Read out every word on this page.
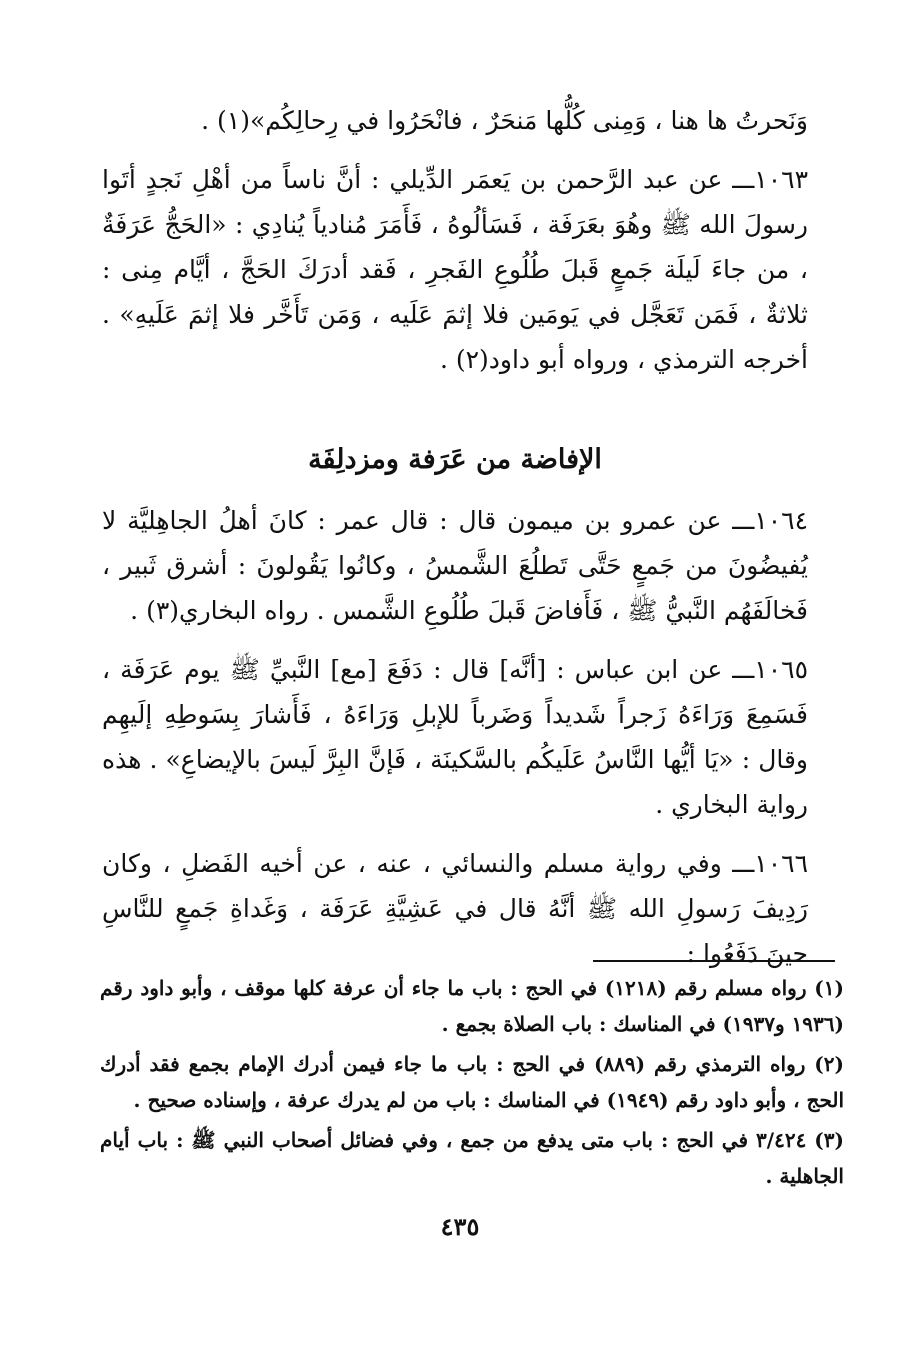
وَنَحرتُ ها هنا ، وَمِنى كُلُّها مَنحَرٌ ، فانْحَرُوا في رِحالِكُم»(١) .

١٠٦٣ـــ عن عبد الرَّحمن بن يَعمَر الدِّيلي : أنَّ ناساً من أهْلِ نَجدٍ أتَوا رسولَ الله ﷺ وهُوَ بعَرَفَة ، فَسَألُوهُ ، فَأَمَرَ مُنادياً يُنادِي : «الحَجُّ عَرَفَةٌ ، من جاءَ لَيلَة جَمعٍ قَبلَ طُلُوعِ الفَجرِ ، فَقد أدرَكَ الحَجَّ ، أيَّام مِنى : ثلاثةٌ ، فَمَن تَعَجَّل في يَومَين فلا إثمَ عَلَيه ، وَمَن تَأَخَّر فلا إثمَ عَلَيهِ» . أخرجه الترمذي ، ورواه أبو داود(٢) .

الإفاضة من عَرَفة ومزدلِفَة

١٠٦٤ـــ عن عمرو بن ميمون قال : قال عمر : كانَ أهلُ الجاهِليَّة لا يُفيضُونَ من جَمعٍ حَتَّى تَطلُعَ الشَّمسُ ، وكانُوا يَقُولونَ : أشرق ثَبير ، فَخالَفَهُم النَّبيُّ ﷺ ، فَأَفاضَ قَبلَ طُلُوعِ الشَّمس . رواه البخاري(٣) .

١٠٦٥ـــ عن ابن عباس : [أنَّه] قال : دَفَعَ [مع] النَّبيِّ ﷺ يوم عَرَفَة ، فَسَمِعَ وَرَاءَهُ زَجراً شَديداً وَضَرباً للإبلِ وَرَاءَهُ ، فَأَشارَ بِسَوطِهِ إلَيهِم وقال : «يَا أيُّها النَّاسُ عَلَيكُم بالسَّكينَة ، فَإنَّ البِرَّ لَيسَ بالإيضاعِ» . هذه رواية البخاري .

١٠٦٦ـــ وفي رواية مسلم والنسائي ، عنه ، عن أخيه الفَضلِ ، وكان رَدِيفَ رَسولِ الله ﷺ أنَّهُ قال في عَشِيَّةِ عَرَفَة ، وَغَداةِ جَمعٍ للنَّاسِ حينَ دَفَعُوا :

(١) رواه مسلم رقم (١٢١٨) في الحج : باب ما جاء أن عرفة كلها موقف ، وأبو داود رقم (١٩٣٦ و١٩٣٧) في المناسك : باب الصلاة بجمع .

(٢) رواه الترمذي رقم (٨٨٩) في الحج : باب ما جاء فيمن أدرك الإمام بجمع فقد أدرك الحج ، وأبو داود رقم (١٩٤٩) في المناسك : باب من لم يدرك عرفة ، وإسناده صحيح .

(٣) ٣/٤٢٤ في الحج : باب متى يدفع من جمع ، وفي فضائل أصحاب النبي ﷺ : باب أيام الجاهلية .

٤٣٥
